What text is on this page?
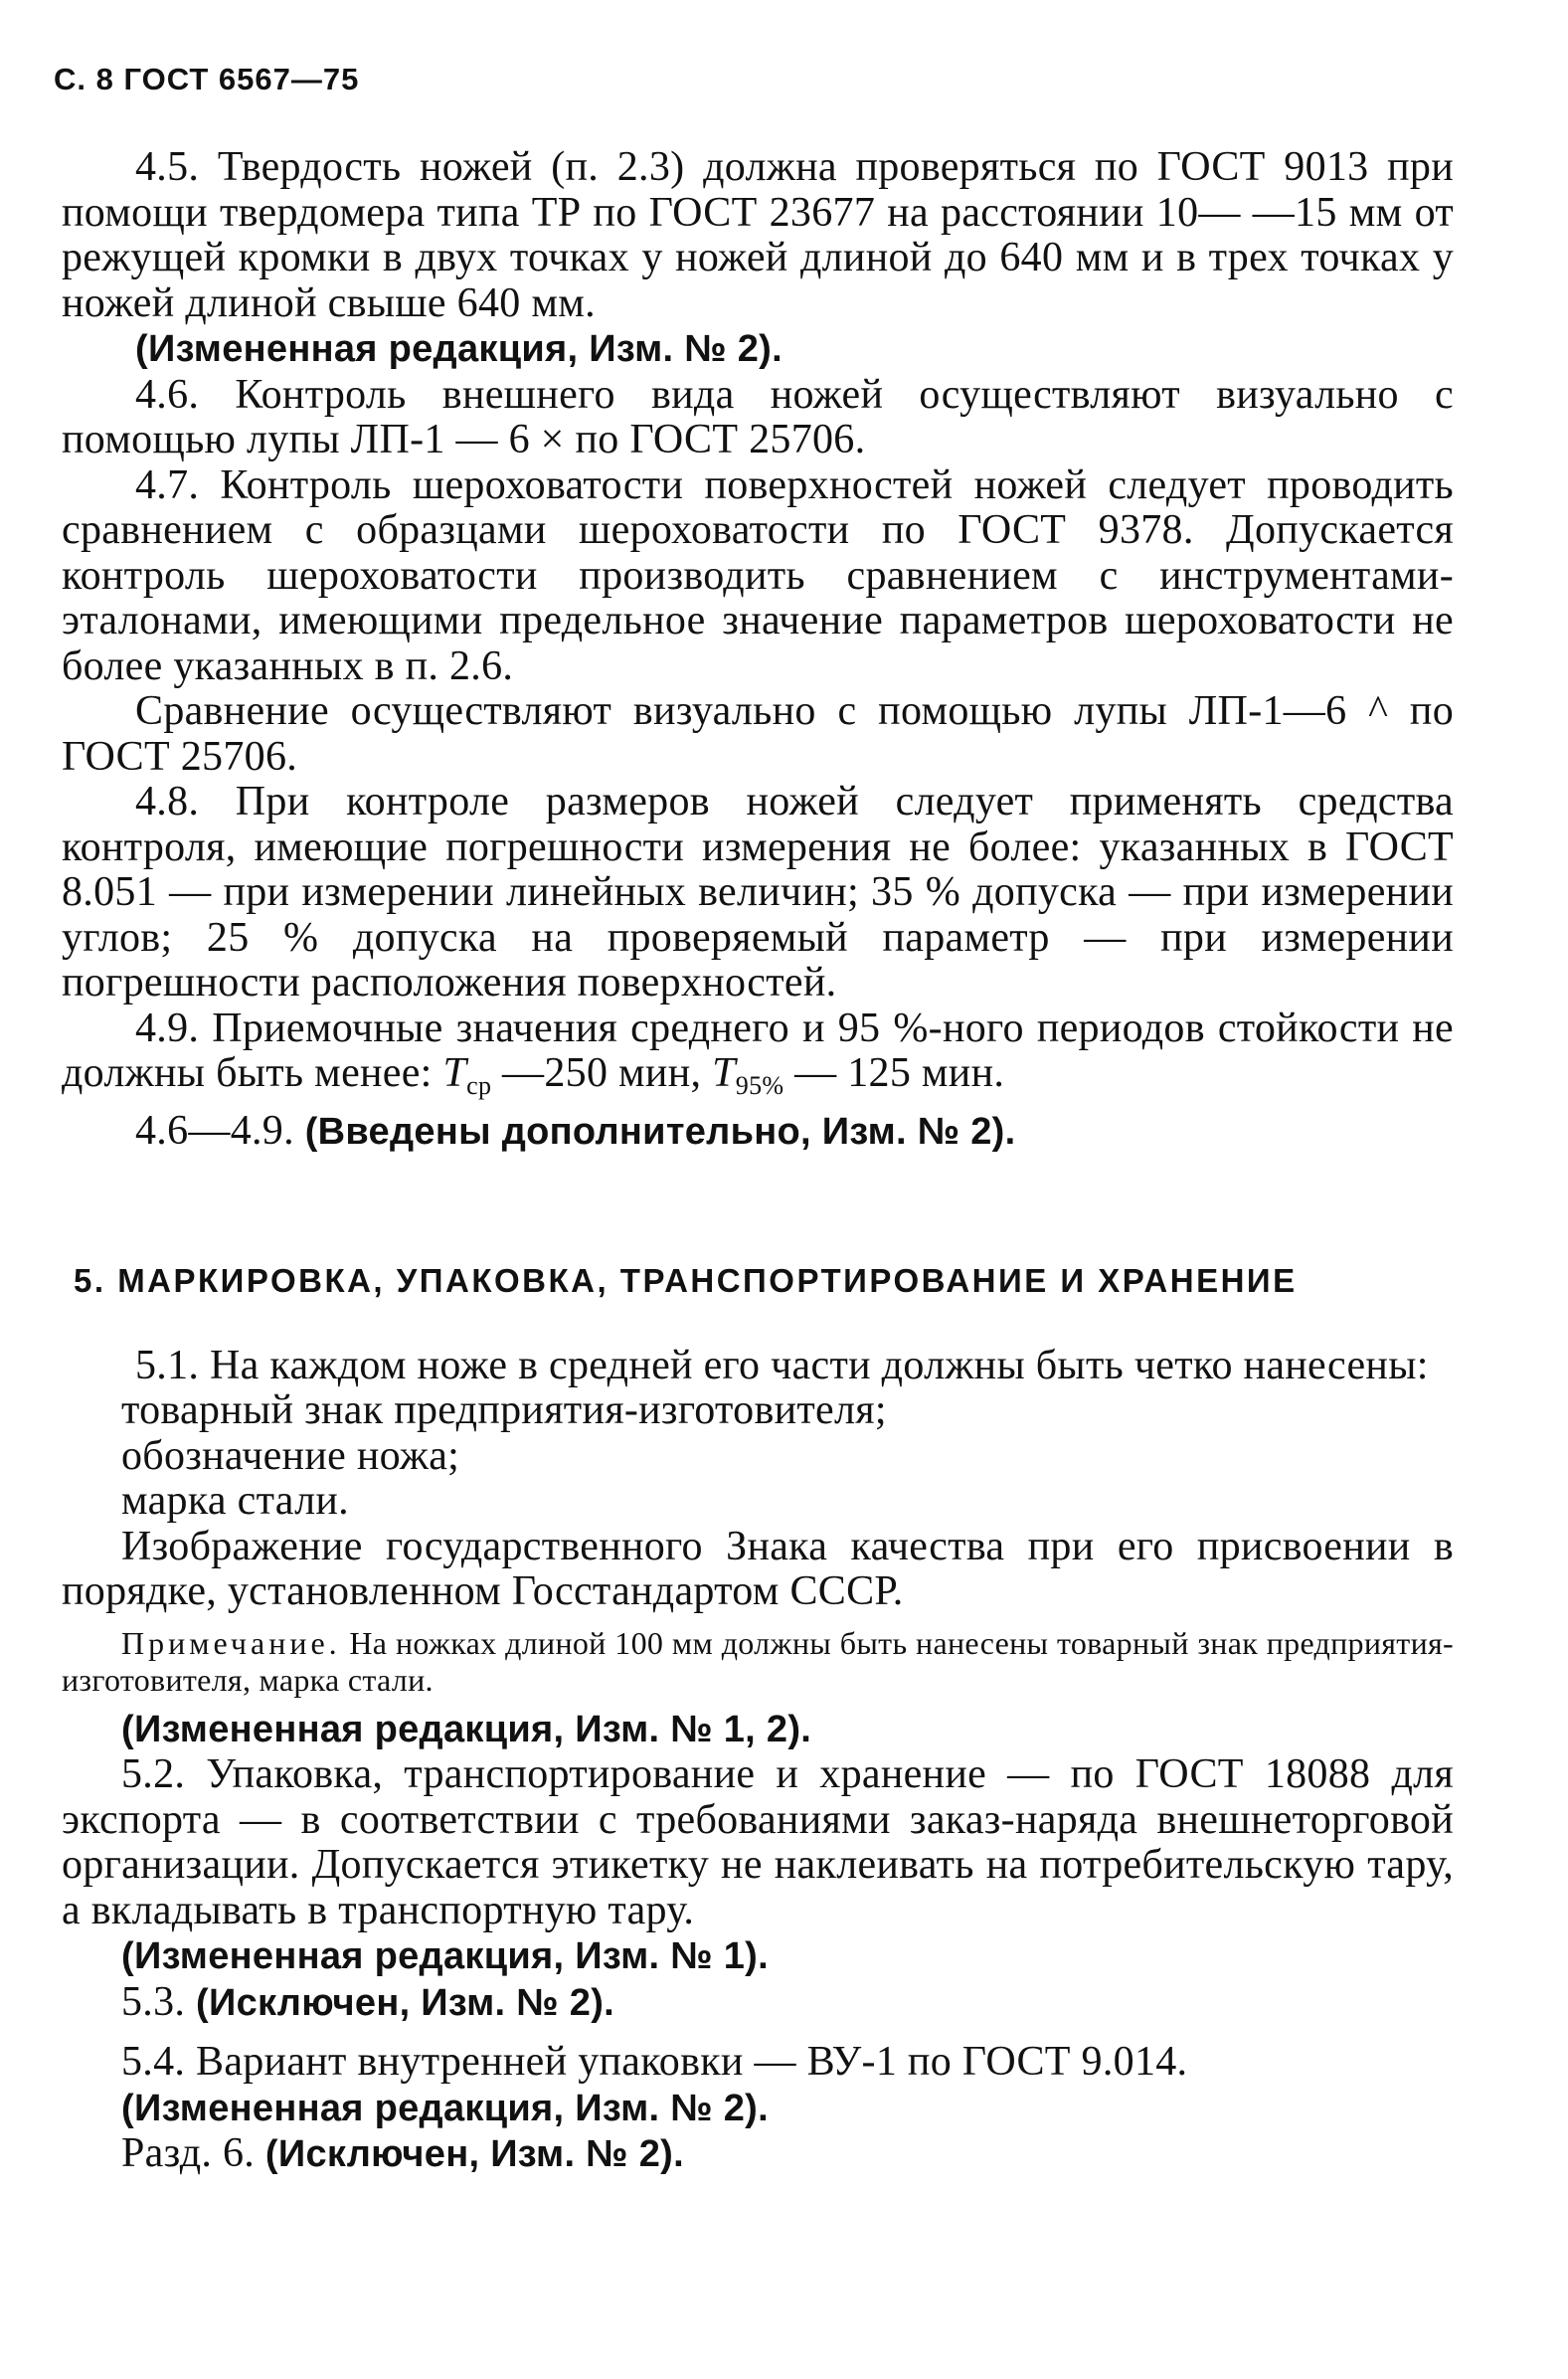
С. 8 ГОСТ 6567—75

4.5. Твердость ножей (п. 2.3) должна проверяться по ГОСТ 9013 при помощи твердомера типа ТР по ГОСТ 23677 на расстоянии 10— —15 мм от режущей кромки в двух точках у ножей длиной до 640 мм и в трех точках у ножей длиной свыше 640 мм.

(Измененная редакция, Изм. № 2).

4.6. Контроль внешнего вида ножей осуществляют визуально с помощью лупы ЛП-1 — 6 × по ГОСТ 25706.

4.7. Контроль шероховатости поверхностей ножей следует проводить сравнением с образцами шероховатости по ГОСТ 9378. Допускается контроль шероховатости производить сравнением с инструментами-эталонами, имеющими предельное значение параметров шероховатости не более указанных в п. 2.6.

Сравнение осуществляют визуально с помощью лупы ЛП-1—6 ^ по ГОСТ 25706.

4.8. При контроле размеров ножей следует применять средства контроля, имеющие погрешности измерения не более: указанных в ГОСТ 8.051 — при измерении линейных величин; 35 % допуска — при измерении углов; 25 % допуска на проверяемый параметр — при измерении погрешности расположения поверхностей.

4.9. Приемочные значения среднего и 95 %-ного периодов стойкости не должны быть менее: $Т_{ср}$ —250 мин, $Т_{95\%}$ — 125 мин.

4.6—4.9. (Введены дополнительно, Изм. № 2).

5. МАРКИРОВКА, УПАКОВКА, ТРАНСПОРТИРОВАНИЕ И ХРАНЕНИЕ

5.1. На каждом ноже в средней его части должны быть четко нанесены:

товарный знак предприятия-изготовителя;

обозначение ножа;

марка стали.

Изображение государственного Знака качества при его присвоении в порядке, установленном Госстандартом СССР.

Примечание. На ножках длиной 100 мм должны быть нанесены товарный знак предприятия-изготовителя, марка стали.

(Измененная редакция, Изм. № 1, 2).

5.2. Упаковка, транспортирование и хранение — по ГОСТ 18088 для экспорта — в соответствии с требованиями заказ-наряда внешнеторговой организации. Допускается этикетку не наклеивать на потребительскую тару, а вкладывать в транспортную тару.

(Измененная редакция, Изм. № 1).

5.3. (Исключен, Изм. № 2).

5.4. Вариант внутренней упаковки — ВУ-1 по ГОСТ 9.014.

(Измененная редакция, Изм. № 2).

Разд. 6. (Исключен, Изм. № 2).
